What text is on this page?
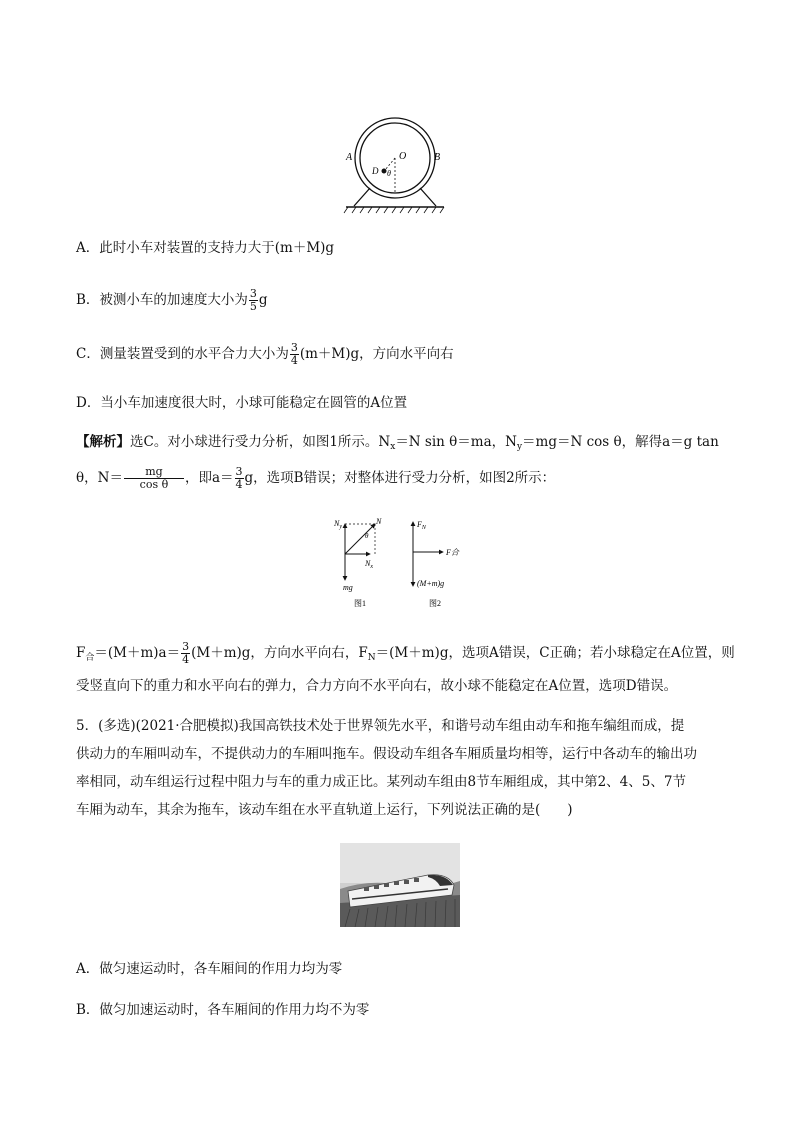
A	B
O
D θ
A．此时小车对装置的支持力大于(m＋M)g
B．被测小车的加速度大小为 $\frac{3}{5}$ g
C．测量装置受到的水平合力大小为 $\frac{3}{4} (m+M)g$，方向水平向右
D．当小车加速度很大时，小球可能稳定在圆管的A位置
【解析】选C。对小球进行受力分析，如图1所示。$N_x=N$ sin θ＝ma，$N_y=mg=N$ cos θ，解得a＝g tan
θ，$N= \frac{mg}{\text{cos θ}}$ ，即$a= \frac{3}{4}$ g，选项B错误；对整体进行受力分析，如图2所示：
$N_y$
N
θ
$N_x$
mg
图1
$F_N$
F合
(M+m)g
图2
$F_合=(M+m)a= \frac{3}{4} (M+m)g$，方向水平向右，$F_N=(M+m)g$，选项A错误，C正确；若小球稳定在A位置，则
受竖直向下的重力和水平向右的弹力，合力方向不水平向右，故小球不能稳定在A位置，选项D错误。
5．(多选)(2021·合肥模拟)我国高铁技术处于世界领先水平，和谐号动车组由动车和拖车编组而成，提
供动力的车厢叫动车，不提供动力的车厢叫拖车。假设动车组各车厢质量均相等，运行中各动车的输出功
率相同，动车组运行过程中阻力与车的重力成正比。某列动车组由8节车厢组成，其中第2、4、5、7节
车厢为动车，其余为拖车，该动车组在水平直轨道上运行，下列说法正确的是(　　)
A．做匀速运动时，各车厢间的作用力均为零
B．做匀加速运动时，各车厢间的作用力均不为零
